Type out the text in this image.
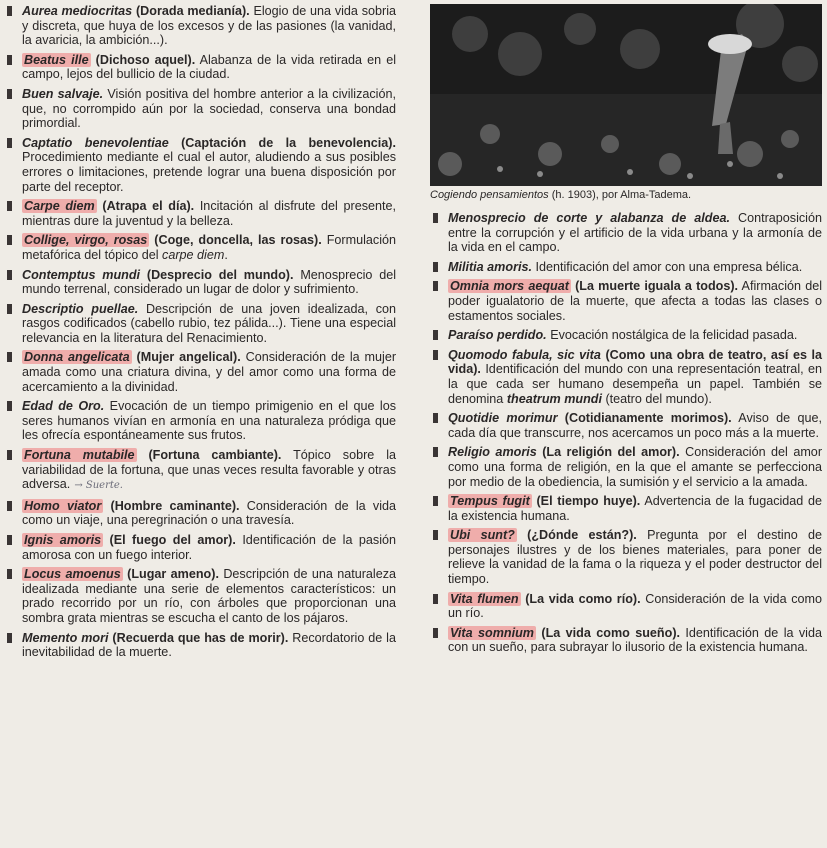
Aurea mediocritas (Dorada medianía). Elogio de una vida sobria y discreta, que huya de los excesos y de las pasiones (la vanidad, la avaricia, la ambición...).
Beatus ille (Dichoso aquel). Alabanza de la vida retirada en el campo, lejos del bullicio de la ciudad.
Buen salvaje. Visión positiva del hombre anterior a la civilización, que, no corrompido aún por la sociedad, conserva una bondad primordial.
Captatio benevolentiae (Captación de la benevolencia). Procedimiento mediante el cual el autor, aludiendo a sus posibles errores o limitaciones, pretende lograr una buena disposición por parte del receptor.
Carpe diem (Atrapa el día). Incitación al disfrute del presente, mientras dure la juventud y la belleza.
Collige, virgo, rosas (Coge, doncella, las rosas). Formulación metafórica del tópico del carpe diem.
Contemptus mundi (Desprecio del mundo). Menosprecio del mundo terrenal, considerado un lugar de dolor y sufrimiento.
Descriptio puellae. Descripción de una joven idealizada, con rasgos codificados (cabello rubio, tez pálida...). Tiene una especial relevancia en la literatura del Renacimiento.
Donna angelicata (Mujer angelical). Consideración de la mujer amada como una criatura divina, y del amor como una forma de acercamiento a la divinidad.
Edad de Oro. Evocación de un tiempo primigenio en el que los seres humanos vivían en armonía en una naturaleza pródiga que les ofrecía espontáneamente sus frutos.
Fortuna mutabile (Fortuna cambiante). Tópico sobre la variabilidad de la fortuna, que unas veces resulta favorable y otras adversa. → Suerte.
Homo viator (Hombre caminante). Consideración de la vida como un viaje, una peregrinación o una travesía.
Ignis amoris (El fuego del amor). Identificación de la pasión amorosa con un fuego interior.
Locus amoenus (Lugar ameno). Descripción de una naturaleza idealizada mediante una serie de elementos característicos: un prado recorrido por un río, con árboles que proporcionan una sombra grata mientras se escucha el canto de los pájaros.
Memento mori (Recuerda que has de morir). Recordatorio de la inevitabilidad de la muerte.
Cogiendo pensamientos (h. 1903), por Alma-Tadema.
Menosprecio de corte y alabanza de aldea. Contraposición entre la corrupción y el artificio de la vida urbana y la armonía de la vida en el campo.
Militia amoris. Identificación del amor con una empresa bélica.
Omnia mors aequat (La muerte iguala a todos). Afirmación del poder igualatorio de la muerte, que afecta a todas las clases o estamentos sociales.
Paraíso perdido. Evocación nostálgica de la felicidad pasada.
Quomodo fabula, sic vita (Como una obra de teatro, así es la vida). Identificación del mundo con una representación teatral, en la que cada ser humano desempeña un papel. También se denomina theatrum mundi (teatro del mundo).
Quotidie morimur (Cotidianamente morimos). Aviso de que, cada día que transcurre, nos acercamos un poco más a la muerte.
Religio amoris (La religión del amor). Consideración del amor como una forma de religión, en la que el amante se perfecciona por medio de la obediencia, la sumisión y el servicio a la amada.
Tempus fugit (El tiempo huye). Advertencia de la fugacidad de la existencia humana.
Ubi sunt? (¿Dónde están?). Pregunta por el destino de personajes ilustres y de los bienes materiales, para poner de relieve la vanidad de la fama o la riqueza y el poder destructor del tiempo.
Vita flumen (La vida como río). Consideración de la vida como un río.
Vita somnium (La vida como sueño). Identificación de la vida con un sueño, para subrayar lo ilusorio de la existencia humana.
